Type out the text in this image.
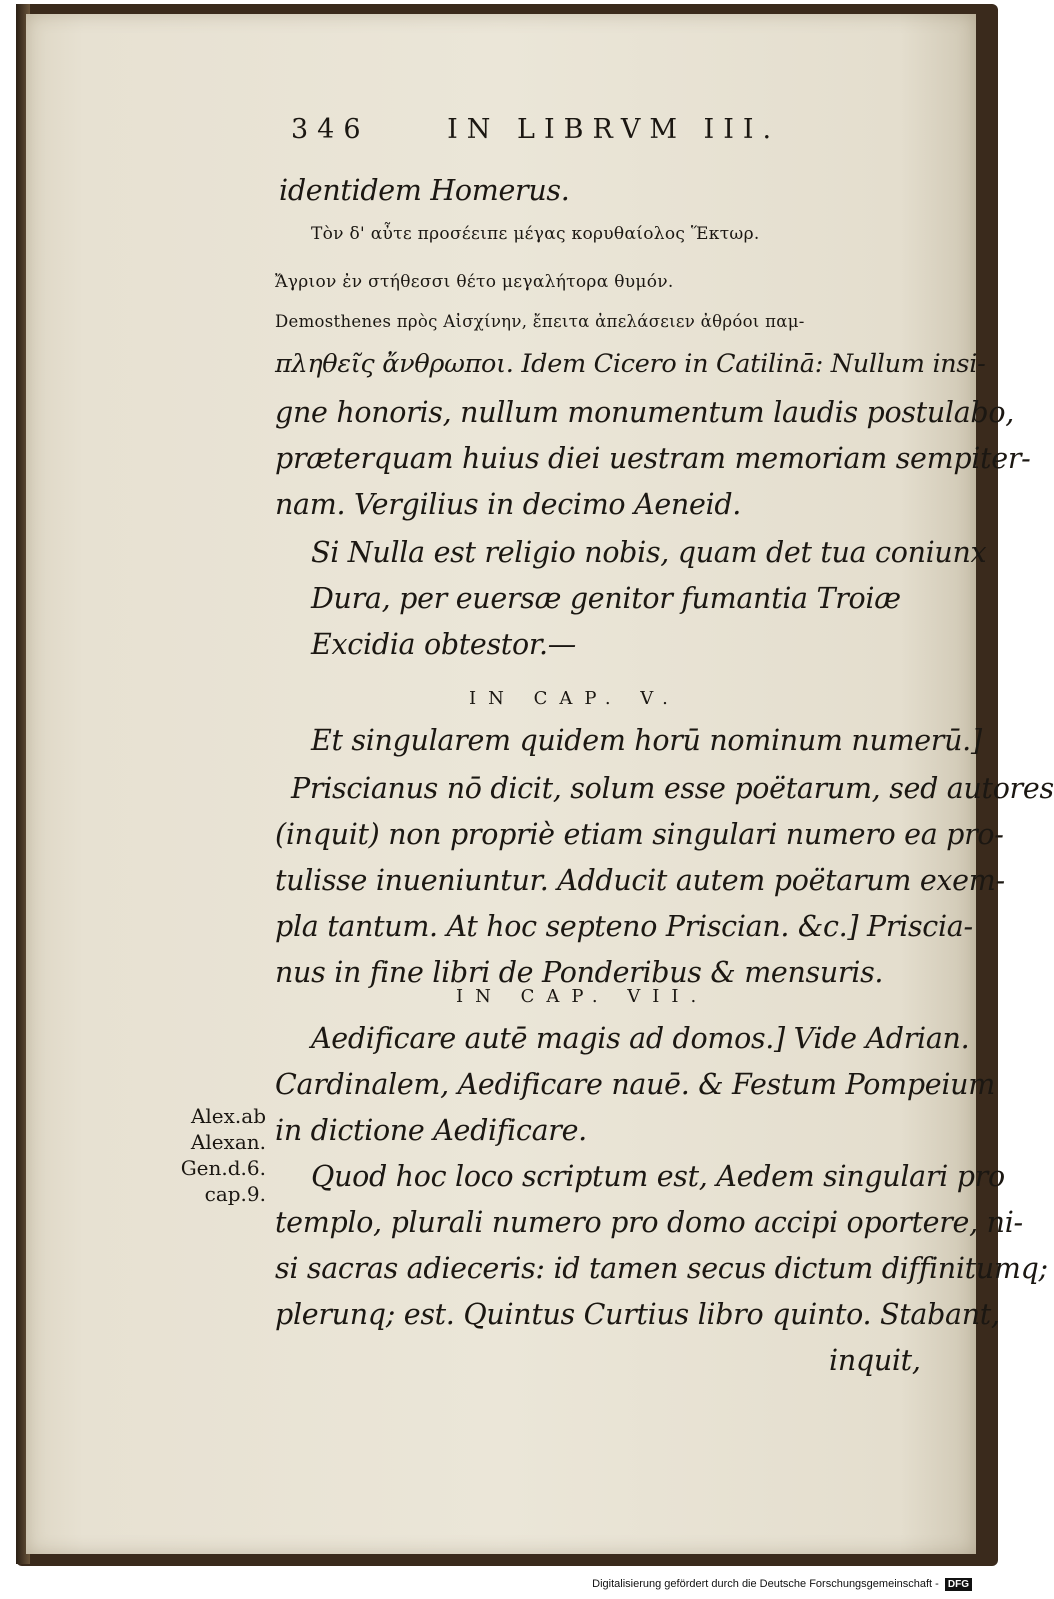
346	IN LIBRVM III.
identidem Homerus.
Τὸν δ' αὖτε προσέειπε μέγας κορυθαίολος Ἕκτωρ.
Ἄγριον ἐν στήθεσσι θέτο μεγαλήτορα θυμόν.
Demosthenes πρὸς Αἰσχίνην, ἔπειτα ἀπελάσειεν ἀθρόοι παμ-
πληθεῖς ἄνθρωποι. Idem Cicero in Catilinā: Nullum insi-
gne honoris, nullum monumentum laudis postulabo,
præterquam huius diei uestram memoriam sempiter-
nam. Vergilius in decimo Aeneid.
Si Nulla est religio nobis, quam det tua coniunx
Dura, per euersæ genitor fumantia Troiæ
Excidia obtestor.—
IN CAP. V.
Et singularem quidem horū nominum numerū.]
Priscianus nō dicit, solum esse poëtarum, sed autores
(inquit) non propriè etiam singulari numero ea pro-
tulisse inueniuntur. Adducit autem poëtarum exem-
pla tantum. At hoc septeno Priscian. &c.] Priscia-
nus in fine libri de Ponderibus & mensuris.
IN CAP. VII.
Aedificare autē magis ad domos.] Vide Adrian.
Cardinalem, Aedificare nauē. & Festum Pompeium
in dictione Aedificare.
Quod hoc loco scriptum est, Aedem singulari pro
templo, plurali numero pro domo accipi oportere, ni-
si sacras adieceris: id tamen secus dictum diffinitumq;
plerunq; est. Quintus Curtius libro quinto. Stabant,
inquit,
Alex.ab
Alexan.
Gen.d.6.
cap.9.
Digitalisierung gefördert durch die Deutsche Forschungsgemeinschaft - DFG
